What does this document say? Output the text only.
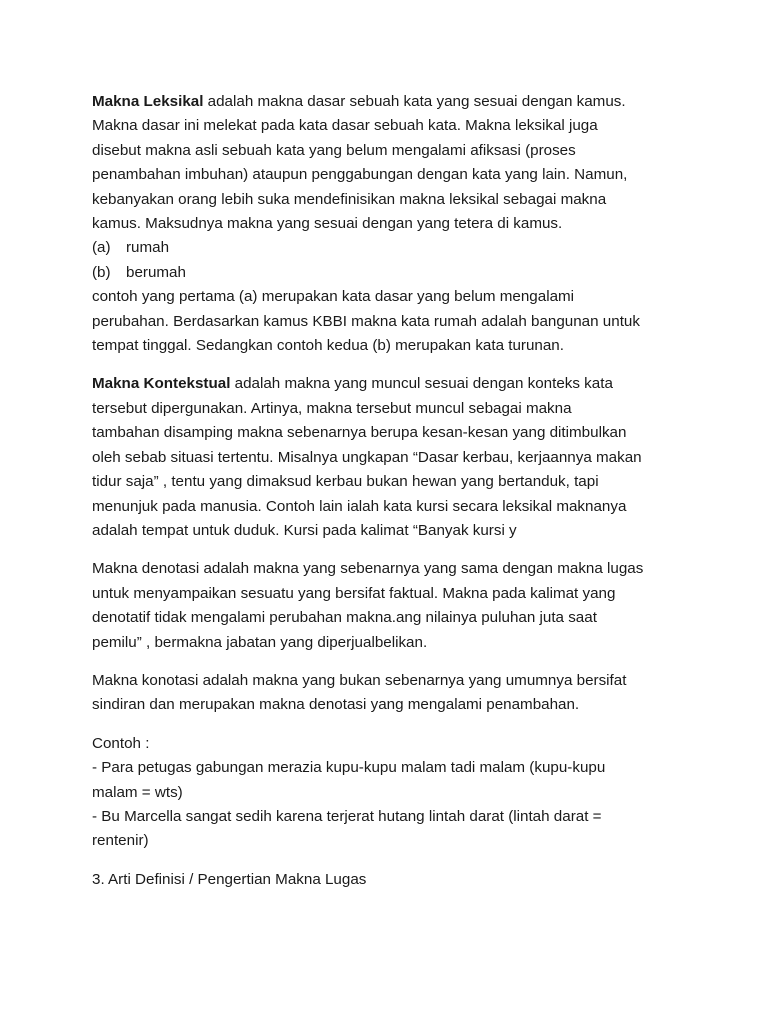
Makna Leksikal adalah makna dasar sebuah kata yang sesuai dengan kamus.
Makna dasar ini melekat pada kata dasar sebuah kata. Makna leksikal juga
disebut makna asli sebuah kata yang belum mengalami afiksasi (proses
penambahan imbuhan) ataupun penggabungan dengan kata yang lain. Namun,
kebanyakan orang lebih suka mendefinisikan makna leksikal sebagai makna
kamus. Maksudnya makna yang sesuai dengan yang tetera di kamus.
(a) rumah
(b) berumah
contoh yang pertama (a) merupakan kata dasar yang belum mengalami
perubahan. Berdasarkan kamus KBBI makna kata rumah adalah bangunan untuk
tempat tinggal. Sedangkan contoh kedua (b) merupakan kata turunan.
Makna Kontekstual adalah makna yang muncul sesuai dengan konteks kata
tersebut dipergunakan. Artinya, makna tersebut muncul sebagai makna
tambahan disamping makna sebenarnya berupa kesan-kesan yang ditimbulkan
oleh sebab situasi tertentu. Misalnya ungkapan “Dasar kerbau, kerjaannya makan
tidur saja” , tentu yang dimaksud kerbau bukan hewan yang bertanduk, tapi
menunjuk pada manusia. Contoh lain ialah kata kursi secara leksikal maknanya
adalah tempat untuk duduk. Kursi pada kalimat “Banyak kursi y
Makna denotasi adalah makna yang sebenarnya yang sama dengan makna lugas
untuk menyampaikan sesuatu yang bersifat faktual. Makna pada kalimat yang
denotatif tidak mengalami perubahan makna.ang nilainya puluhan juta saat
pemilu” , bermakna jabatan yang diperjualbelikan.
Makna konotasi adalah makna yang bukan sebenarnya yang umumnya bersifat
sindiran dan merupakan makna denotasi yang mengalami penambahan.
Contoh :
- Para petugas gabungan merazia kupu-kupu malam tadi malam (kupu-kupu
malam = wts)
- Bu Marcella sangat sedih karena terjerat hutang lintah darat (lintah darat =
rentenir)
3. Arti Definisi / Pengertian Makna Lugas
